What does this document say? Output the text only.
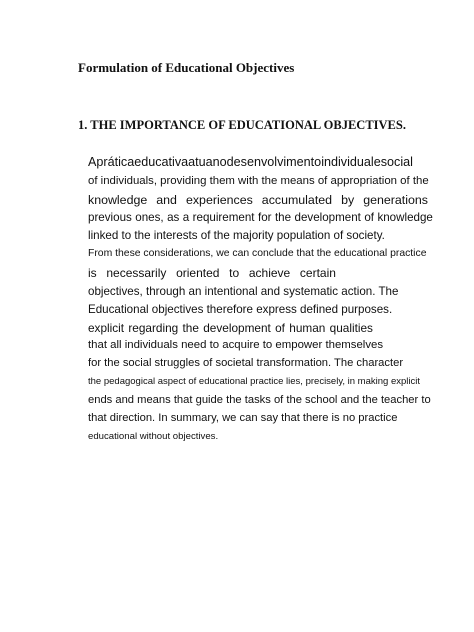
Formulation of Educational Objectives
1. THE IMPORTANCE OF EDUCATIONAL OBJECTIVES.
A prática educativa atua no desenvolvimento individual e social
of individuals, providing them with the means of appropriation of the
knowledge and experiences accumulated by generations
previous ones, as a requirement for the development of knowledge
linked to the interests of the majority population of society.
From these considerations, we can conclude that the educational practice
is necessarily oriented to achieve certain
objectives, through an intentional and systematic action. The
Educational objectives therefore express defined purposes.
explicit regarding the development of human qualities
that all individuals need to acquire to empower themselves
for the social struggles of societal transformation. The character
the pedagogical aspect of educational practice lies, precisely, in making explicit
ends and means that guide the tasks of the school and the teacher to
that direction. In summary, we can say that there is no practice
educational without objectives.
